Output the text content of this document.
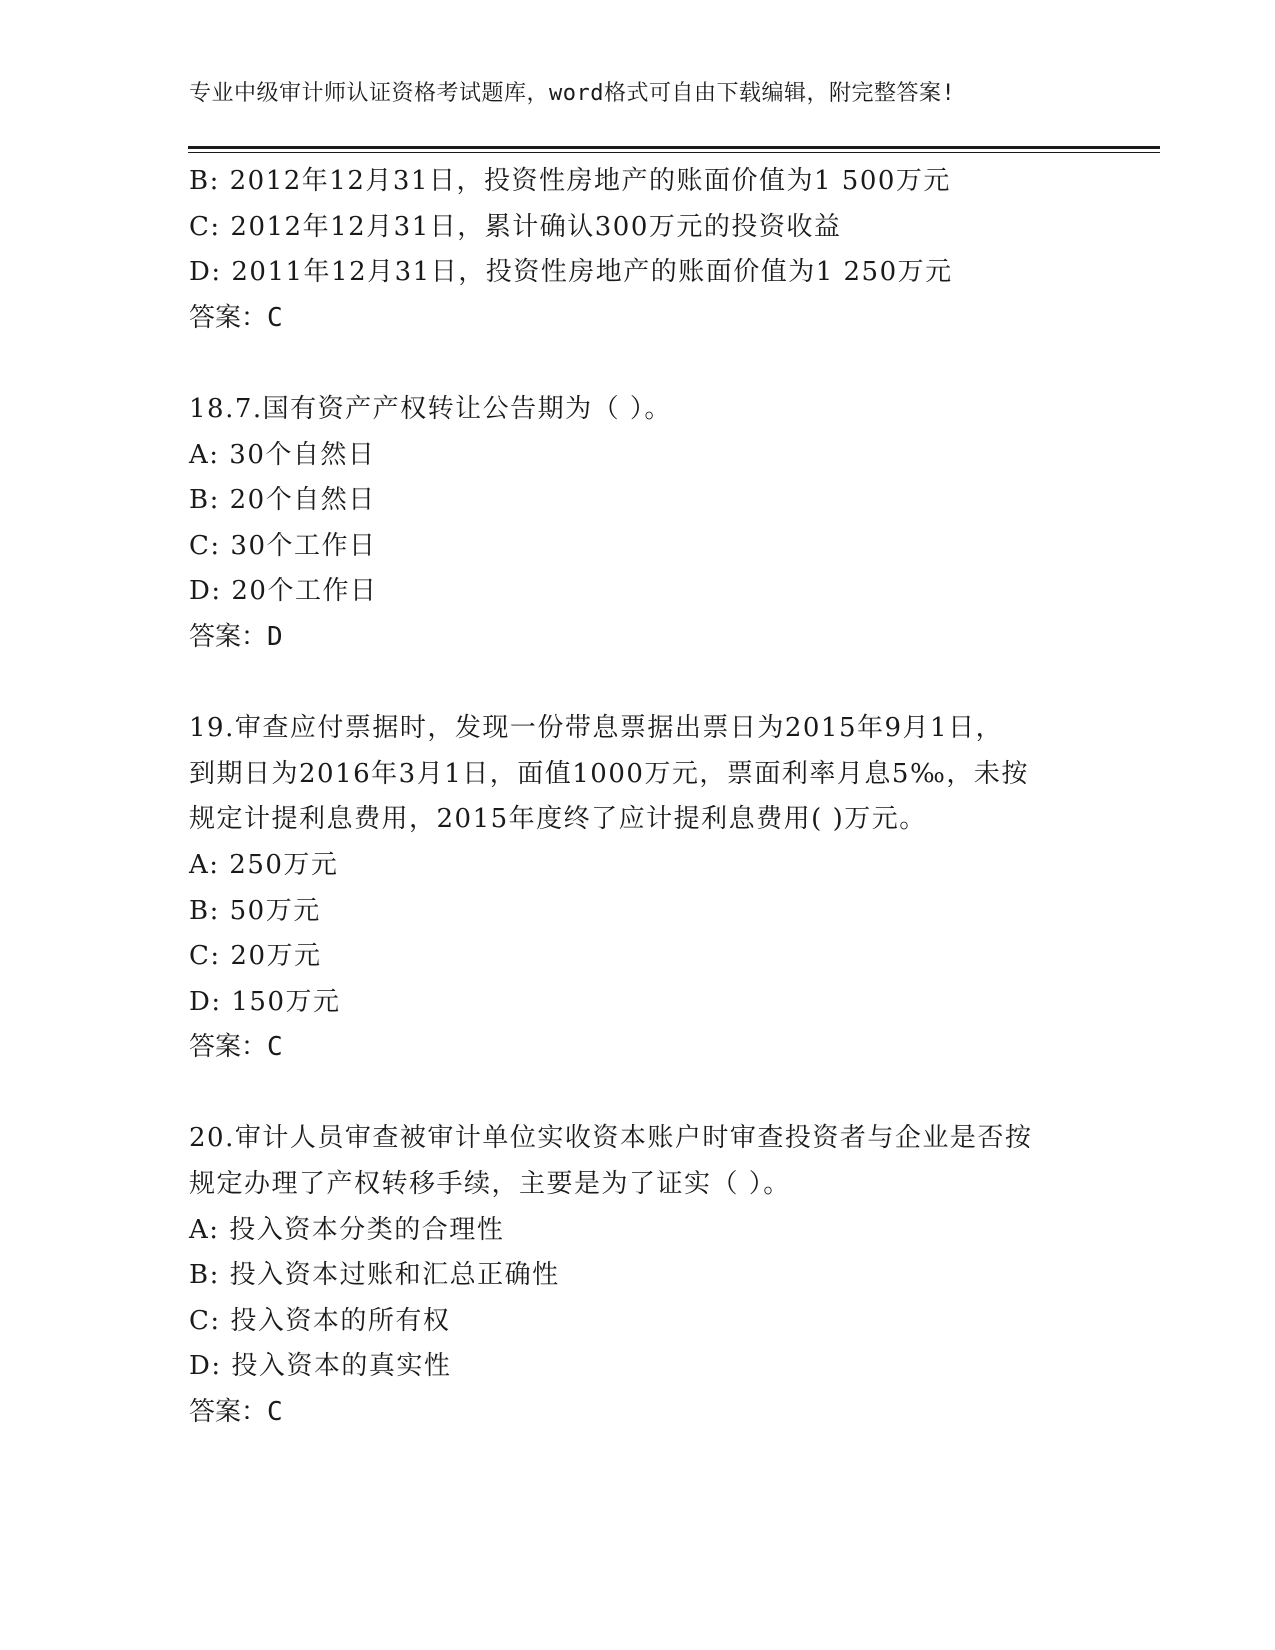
专业中级审计师认证资格考试题库，word格式可自由下载编辑，附完整答案!
B: 2012年12月31日，投资性房地产的账面价值为1 500万元
C: 2012年12月31日，累计确认300万元的投资收益
D: 2011年12月31日，投资性房地产的账面价值为1 250万元
答案：C
18.7.国有资产产权转让公告期为（ ）。
A: 30个自然日
B: 20个自然日
C: 30个工作日
D: 20个工作日
答案：D
19.审查应付票据时，发现一份带息票据出票日为2015年9月1日，
到期日为2016年3月1日，面值1000万元，票面利率月息5‰，未按
规定计提利息费用，2015年度终了应计提利息费用( )万元。
A: 250万元
B: 50万元
C: 20万元
D: 150万元
答案：C
20.审计人员审查被审计单位实收资本账户时审查投资者与企业是否按
规定办理了产权转移手续，主要是为了证实（ ）。
A: 投入资本分类的合理性
B: 投入资本过账和汇总正确性
C: 投入资本的所有权
D: 投入资本的真实性
答案：C
